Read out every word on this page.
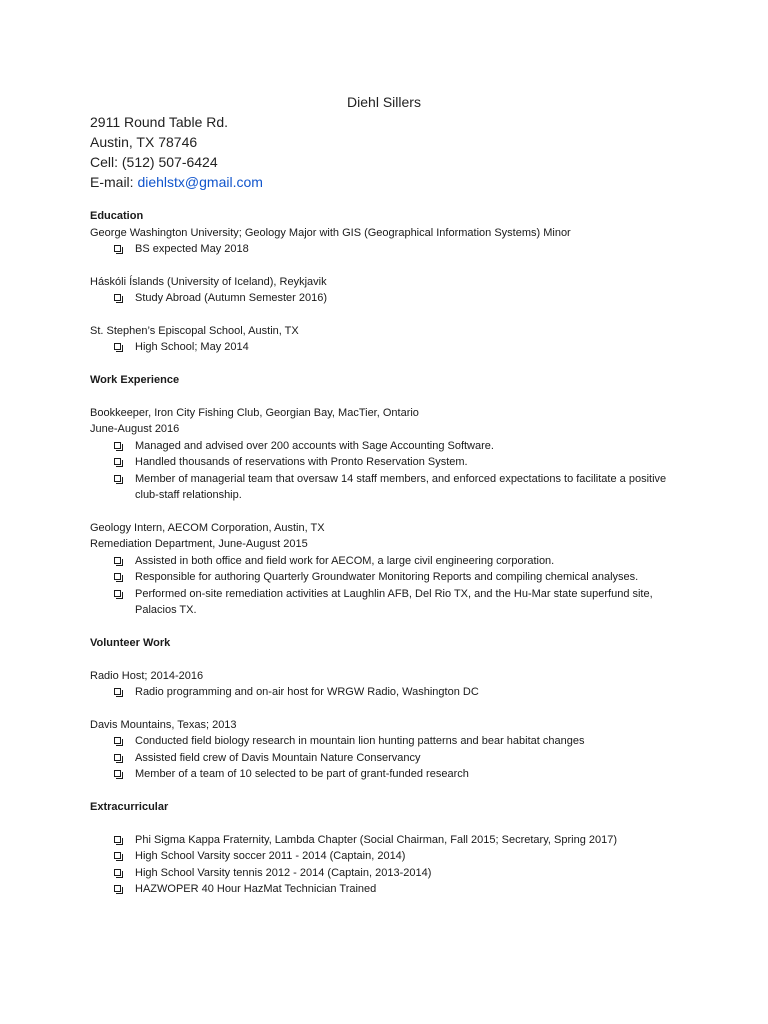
Diehl Sillers
2911 Round Table Rd.
Austin, TX 78746
Cell: (512) 507-6424
E-mail: diehlstx@gmail.com

Education

George Washington University; Geology Major with GIS (Geographical Information Systems) Minor

BS expected May 2018

Háskóli Íslands (University of Iceland), Reykjavik

Study Abroad (Autumn Semester 2016)

St. Stephen’s Episcopal School, Austin, TX

High School; May 2014

Work Experience

Bookkeeper, Iron City Fishing Club, Georgian Bay, MacTier, Ontario

June-August 2016

Managed and advised over 200 accounts with Sage Accounting Software.
Handled thousands of reservations with Pronto Reservation System.
Member of managerial team that oversaw 14 staff members, and enforced expectations to facilitate a positive club-staff relationship.

Geology Intern, AECOM Corporation, Austin, TX

Remediation Department, June-August 2015

Assisted in both office and field work for AECOM, a large civil engineering corporation.
Responsible for authoring Quarterly Groundwater Monitoring Reports and compiling chemical analyses.
Performed on-site remediation activities at Laughlin AFB, Del Rio TX, and the Hu-Mar state superfund site, Palacios TX.

Volunteer Work

Radio Host; 2014-2016

Radio programming and on-air host for WRGW Radio, Washington DC

Davis Mountains, Texas; 2013

Conducted field biology research in mountain lion hunting patterns and bear habitat changes
Assisted field crew of Davis Mountain Nature Conservancy
Member of a team of 10 selected to be part of grant-funded research

Extracurricular

Phi Sigma Kappa Fraternity, Lambda Chapter (Social Chairman, Fall 2015; Secretary, Spring 2017)
High School Varsity soccer 2011 - 2014 (Captain, 2014)
High School Varsity tennis 2012 - 2014 (Captain, 2013-2014)
HAZWOPER 40 Hour HazMat Technician Trained
